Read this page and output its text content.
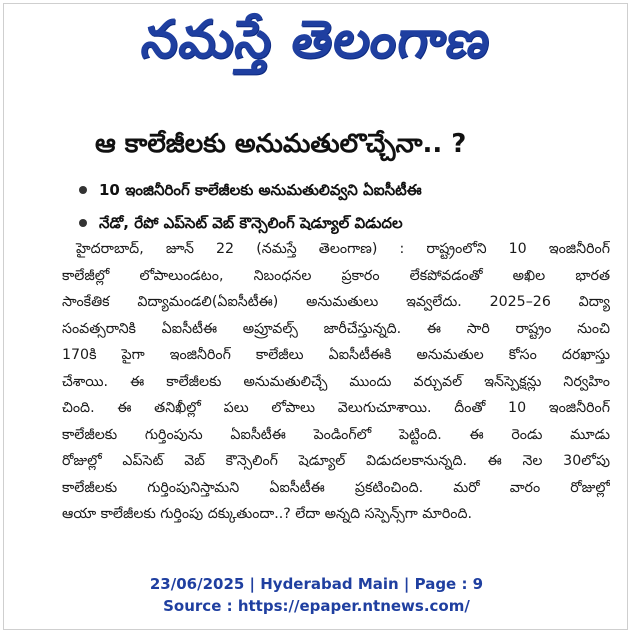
నమస్తే తెలంగాణ
ఆ కాలేజీలకు అనుమతులొచ్చేనా.. ?
10 ఇంజినీరింగ్ కాలేజీలకు అనుమతులివ్వని ఏఐసీటీఈ
నేడో, రేపో ఎప్‌సెట్ వెబ్ కౌన్సెలింగ్ షెడ్యూల్ విడుదల
హైదరాబాద్, జూన్ 22 (నమస్తే తెలంగాణ) : రాష్ట్రంలోని 10 ఇంజినీరింగ్
కాలేజీల్లో లోపాలుండటం, నిబంధనల ప్రకారం లేకపోవడంతో అఖిల భారత
సాంకేతిక విద్యామండలి(ఏఐసీటీఈ) అనుమతులు ఇవ్వలేదు. 2025–26 విద్యా
సంవత్సరానికి ఏఐసీటీఈ అప్రూవల్స్ జారీచేస్తున్నది. ఈ సారి రాష్ట్రం నుంచి
170కి పైగా ఇంజినీరింగ్ కాలేజీలు ఏఐసీటీఈకి అనుమతుల కోసం దరఖాస్తు
చేశాయి. ఈ కాలేజీలకు అనుమతులిచ్చే ముందు వర్చువల్ ఇన్‌స్పెక్షన్లు నిర్వహిం
చింది. ఈ తనిఖీల్లో పలు లోపాలు వెలుగుచూశాయి. దీంతో 10 ఇంజినీరింగ్
కాలేజీలకు గుర్తింపును ఏఐసీటీఈ పెండింగ్‌లో పెట్టింది. ఈ రెండు మూడు
రోజుల్లో ఎప్‌సెట్ వెబ్ కౌన్సెలింగ్ షెడ్యూల్ విడుదలకానున్నది. ఈ నెల 30లోపు
కాలేజీలకు గుర్తింపునిస్తామని ఏఐసీటీఈ ప్రకటించింది. మరో వారం రోజుల్లో
ఆయా కాలేజీలకు గుర్తింపు దక్కుతుందా..? లేదా అన్నది సస్పెన్స్‌గా మారింది.
23/06/2025 | Hyderabad Main | Page : 9
Source : https://epaper.ntnews.com/
